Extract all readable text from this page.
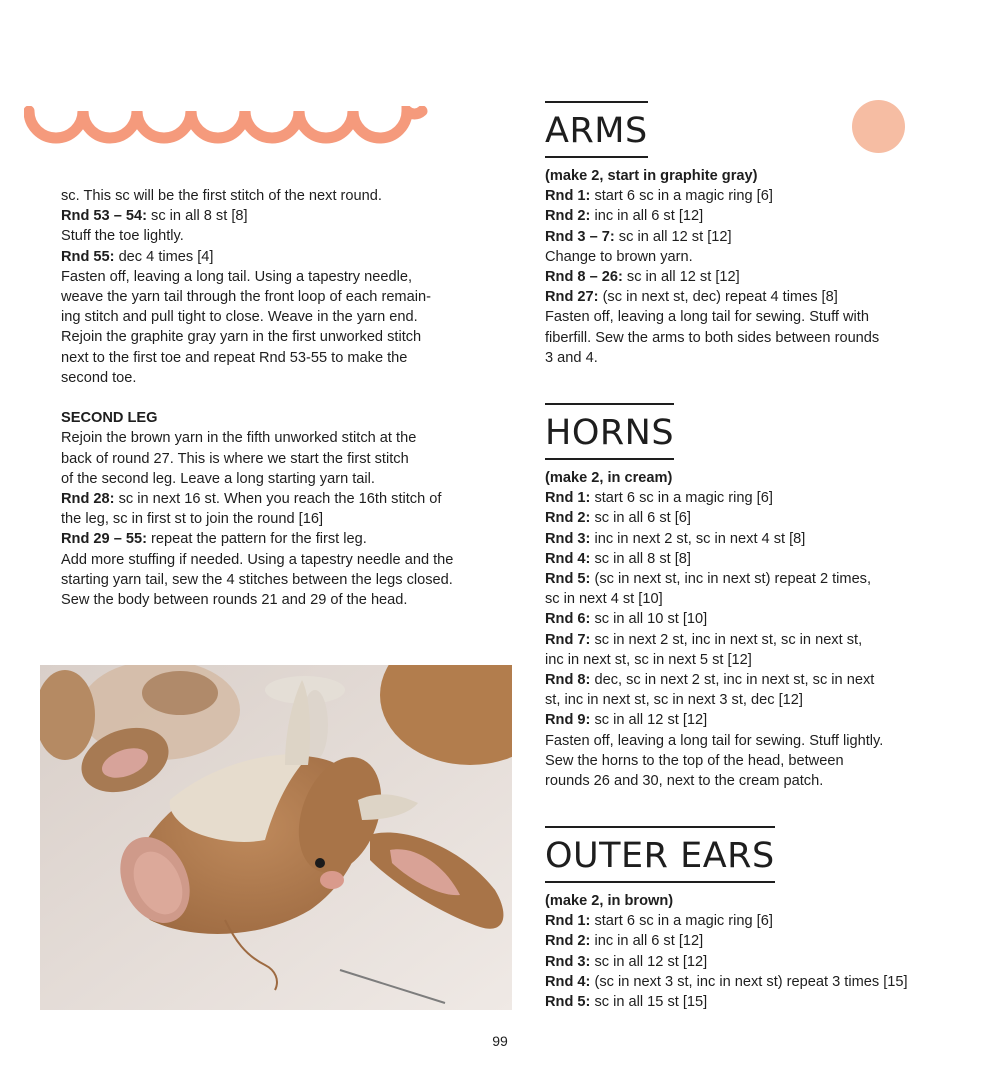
sc. This sc will be the first stitch of the next round.
Rnd 53 – 54: sc in all 8 st [8]
Stuff the toe lightly.
Rnd 55: dec 4 times [4]
Fasten off, leaving a long tail. Using a tapestry needle,
weave the yarn tail through the front loop of each remain-
ing stitch and pull tight to close. Weave in the yarn end.
Rejoin the graphite gray yarn in the first unworked stitch
next to the first toe and repeat Rnd 53-55 to make the
second toe.
SECOND LEG
Rejoin the brown yarn in the fifth unworked stitch at the
back of round 27. This is where we start the first stitch
of the second leg. Leave a long starting yarn tail.
Rnd 28: sc in next 16 st. When you reach the 16th stitch of
the leg, sc in first st to join the round [16]
Rnd 29 – 55: repeat the pattern for the first leg.
Add more stuffing if needed. Using a tapestry needle and the
starting yarn tail, sew the 4 stitches between the legs closed.
Sew the body between rounds 21 and 29 of the head.
ARMS
(make 2, start in graphite gray)
Rnd 1: start 6 sc in a magic ring [6]
Rnd 2: inc in all 6 st [12]
Rnd 3 – 7: sc in all 12 st [12]
Change to brown yarn.
Rnd 8 – 26: sc in all 12 st [12]
Rnd 27: (sc in next st, dec) repeat 4 times [8]
Fasten off, leaving a long tail for sewing. Stuff with
fiberfill. Sew the arms to both sides between rounds
3 and 4.
HORNS
(make 2, in cream)
Rnd 1: start 6 sc in a magic ring [6]
Rnd 2: sc in all 6 st [6]
Rnd 3: inc in next 2 st, sc in next 4 st [8]
Rnd 4: sc in all 8 st [8]
Rnd 5: (sc in next st, inc in next st) repeat 2 times,
sc in next 4 st [10]
Rnd 6: sc in all 10 st [10]
Rnd 7: sc in next 2 st, inc in next st, sc in next st,
inc in next st, sc in next 5 st [12]
Rnd 8: dec, sc in next 2 st, inc in next st, sc in next
st, inc in next st, sc in next 3 st, dec [12]
Rnd 9: sc in all 12 st [12]
Fasten off, leaving a long tail for sewing. Stuff lightly.
Sew the horns to the top of the head, between
rounds 26 and 30, next to the cream patch.
OUTER EARS
(make 2, in brown)
Rnd 1: start 6 sc in a magic ring [6]
Rnd 2: inc in all 6 st [12]
Rnd 3: sc in all 12 st [12]
Rnd 4: (sc in next 3 st, inc in next st) repeat 3 times [15]
Rnd 5: sc in all 15 st [15]
99
